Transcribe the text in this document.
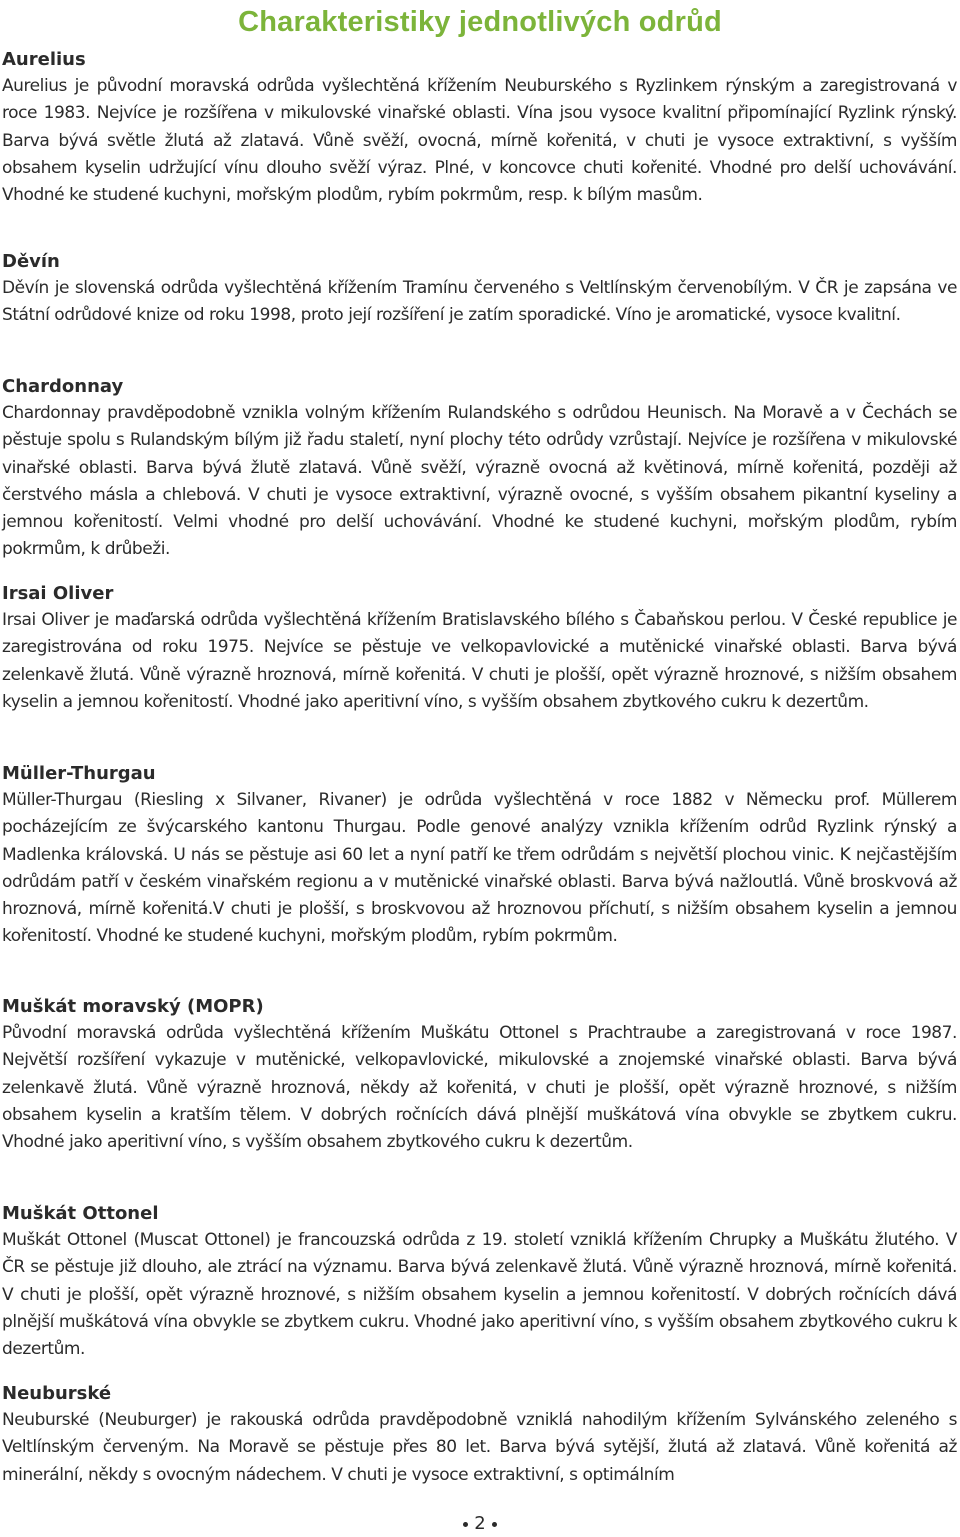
Charakteristiky jednotlivých odrůd

Aurelius

Aurelius je původní moravská odrůda vyšlechtěná křížením Neuburského s Ryzlinkem rýnským a zaregistrovaná v roce 1983. Nejvíce je rozšířena v mikulovské vinařské oblasti. Vína jsou vysoce kvalitní připomínající Ryzlink rýnský. Barva bývá světle žlutá až zlatavá. Vůně svěží, ovocná, mírně kořenitá, v chuti je vysoce extraktivní, s vyšším obsahem kyselin udržující vínu dlouho svěží výraz. Plné, v koncovce chuti kořenité. Vhodné pro delší uchovávání. Vhodné ke studené kuchyni, mořským plodům, rybím pokrmům, resp. k bílým masům.

Děvín

Děvín je slovenská odrůda vyšlechtěná křížením Tramínu červeného s Veltlínským červenobílým. V ČR je zapsána ve Státní odrůdové knize od roku 1998, proto její rozšíření je zatím sporadické. Víno je aromatické, vysoce kvalitní.

Chardonnay

Chardonnay pravděpodobně vznikla volným křížením Rulandského s odrůdou Heunisch. Na Moravě a v Čechách se pěstuje spolu s Rulandským bílým již řadu staletí, nyní plochy této odrůdy vzrůstají. Nejvíce je rozšířena v mikulovské vinařské oblasti. Barva bývá žlutě zlatavá. Vůně svěží, výrazně ovocná až květinová, mírně kořenitá, později až čerstvého másla a chlebová. V chuti je vysoce extraktivní, výrazně ovocné, s vyšším obsahem pikantní kyseliny a jemnou kořenitostí. Velmi vhodné pro delší uchovávání. Vhodné ke studené kuchyni, mořským plodům, rybím pokrmům, k drůbeži.

Irsai Oliver

Irsai Oliver je maďarská odrůda vyšlechtěná křížením Bratislavského bílého s Čabaňskou perlou. V České republice je zaregistrována od roku 1975. Nejvíce se pěstuje ve velkopavlovické a mutěnické vinařské oblasti. Barva bývá zelenkavě žlutá. Vůně výrazně hroznová, mírně kořenitá. V chuti je plošší, opět výrazně hroznové, s nižším obsahem kyselin a jemnou kořenitostí. Vhodné jako aperitivní víno, s vyšším obsahem zbytkového cukru k dezertům.

Müller-Thurgau

Müller-Thurgau (Riesling x Silvaner, Rivaner) je odrůda vyšlechtěná v roce 1882 v Německu prof. Müllerem pocházejícím ze švýcarského kantonu Thurgau. Podle genové analýzy vznikla křížením odrůd Ryzlink rýnský a Madlenka královská. U nás se pěstuje asi 60 let a nyní patří ke třem odrůdám s největší plochou vinic. K nejčastějším odrůdám patří v českém vinařském regionu a v mutěnické vinařské oblasti. Barva bývá nažloutlá. Vůně broskvová až hroznová, mírně kořenitá.V chuti je plošší, s broskvovou až hroznovou příchutí, s nižším obsahem kyselin a jemnou kořenitostí. Vhodné ke studené kuchyni, mořským plodům, rybím pokrmům.

Muškát moravský (MOPR)

Původní moravská odrůda vyšlechtěná křížením Muškátu Ottonel s Prachtraube a zaregistrovaná v roce 1987. Největší rozšíření vykazuje v mutěnické, velkopavlovické, mikulovské a znojemské vinařské oblasti. Barva bývá zelenkavě žlutá. Vůně výrazně hroznová, někdy až kořenitá, v chuti je plošší, opět výrazně hroznové, s nižším obsahem kyselin a kratším tělem. V dobrých ročnících dává plnější muškátová vína obvykle se zbytkem cukru. Vhodné jako aperitivní víno, s vyšším obsahem zbytkového cukru k dezertům.

Muškát Ottonel

Muškát Ottonel (Muscat Ottonel) je francouzská odrůda z 19. století vzniklá křížením Chrupky a Muškátu žlutého. V ČR se pěstuje již dlouho, ale ztrácí na významu. Barva bývá zelenkavě žlutá. Vůně výrazně hroznová, mírně kořenitá. V chuti je plošší, opět výrazně hroznové, s nižším obsahem kyselin a jemnou kořenitostí. V dobrých ročnících dává plnější muškátová vína obvykle se zbytkem cukru. Vhodné jako aperitivní víno, s vyšším obsahem zbytkového cukru k dezertům.

Neuburské

Neuburské (Neuburger) je rakouská odrůda pravděpodobně vzniklá nahodilým křížením Sylvánského zeleného s Veltlínským červeným. Na Moravě se pěstuje přes 80 let. Barva bývá sytější, žlutá až zlatavá. Vůně kořenitá až minerální, někdy s ovocným nádechem. V chuti je vysoce extraktivní, s optimálním

2
